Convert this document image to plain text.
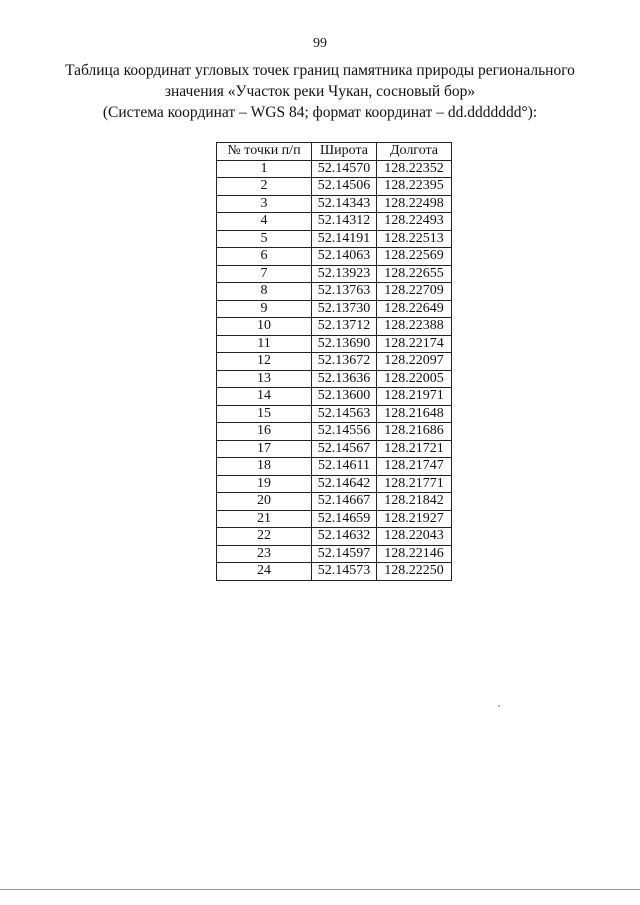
99
Таблица координат угловых точек границ памятника природы регионального
значения «Участок реки Чукан, сосновый бор»
(Система координат – WGS 84; формат координат – dd.ddddddd°):
№ точки п/п	Широта	Долгота
1	52.14570	128.22352
2	52.14506	128.22395
3	52.14343	128.22498
4	52.14312	128.22493
5	52.14191	128.22513
6	52.14063	128.22569
7	52.13923	128.22655
8	52.13763	128.22709
9	52.13730	128.22649
10	52.13712	128.22388
11	52.13690	128.22174
12	52.13672	128.22097
13	52.13636	128.22005
14	52.13600	128.21971
15	52.14563	128.21648
16	52.14556	128.21686
17	52.14567	128.21721
18	52.14611	128.21747
19	52.14642	128.21771
20	52.14667	128.21842
21	52.14659	128.21927
22	52.14632	128.22043
23	52.14597	128.22146
24	52.14573	128.22250
